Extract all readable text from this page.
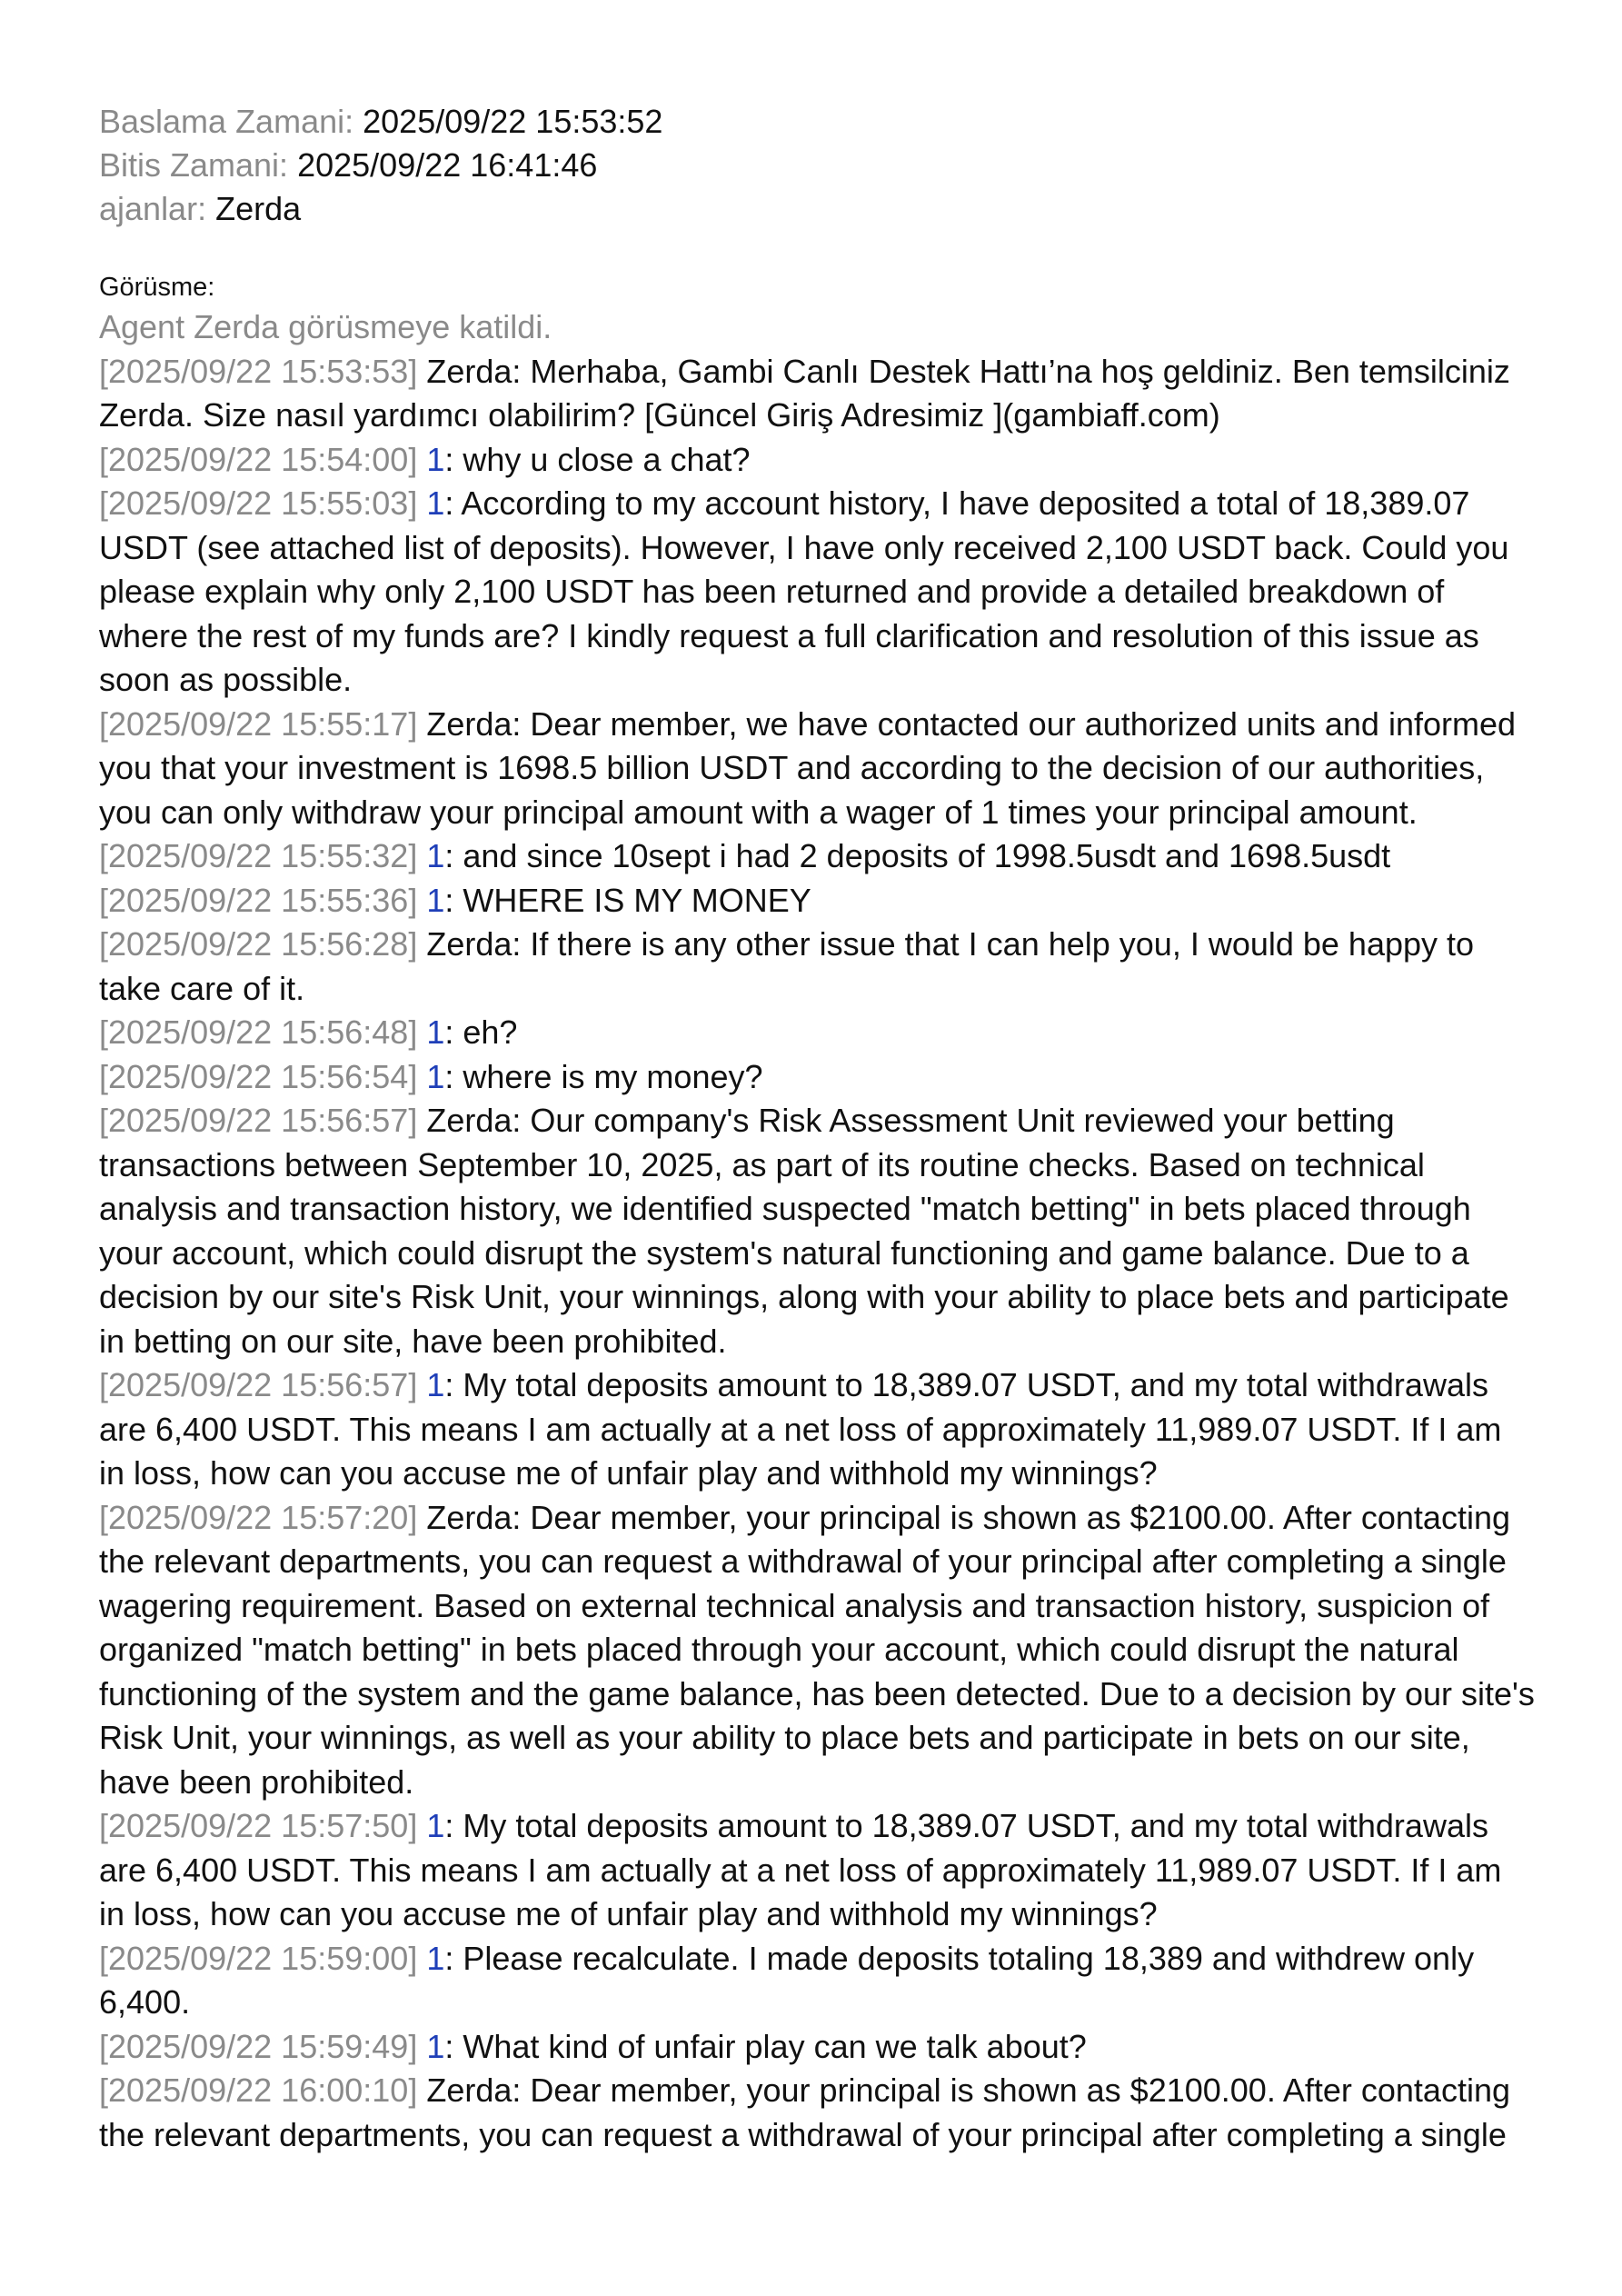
Baslama Zamani: 2025/09/22 15:53:52
Bitis Zamani: 2025/09/22 16:41:46
ajanlar: Zerda
Görüsme:
Agent Zerda görüsmeye katildi.
[2025/09/22 15:53:53] Zerda: Merhaba, Gambi Canlı Destek Hattı’na hoş geldiniz. Ben temsilciniz Zerda. Size nasıl yardımcı olabilirim? [Güncel Giriş Adresimiz ](gambiaff.com)
[2025/09/22 15:54:00] 1: why u close a chat?
[2025/09/22 15:55:03] 1: According to my account history, I have deposited a total of 18,389.07 USDT (see attached list of deposits). However, I have only received 2,100 USDT back. Could you please explain why only 2,100 USDT has been returned and provide a detailed breakdown of where the rest of my funds are? I kindly request a full clarification and resolution of this issue as soon as possible.
[2025/09/22 15:55:17] Zerda: Dear member, we have contacted our authorized units and informed you that your investment is 1698.5 billion USDT and according to the decision of our authorities, you can only withdraw your principal amount with a wager of 1 times your principal amount.
[2025/09/22 15:55:32] 1: and since 10sept i had 2 deposits of 1998.5usdt and 1698.5usdt
[2025/09/22 15:55:36] 1: WHERE IS MY MONEY
[2025/09/22 15:56:28] Zerda: If there is any other issue that I can help you, I would be happy to take care of it.
[2025/09/22 15:56:48] 1: eh?
[2025/09/22 15:56:54] 1: where is my money?
[2025/09/22 15:56:57] Zerda: Our company's Risk Assessment Unit reviewed your betting transactions between September 10, 2025, as part of its routine checks. Based on technical analysis and transaction history, we identified suspected "match betting" in bets placed through your account, which could disrupt the system's natural functioning and game balance. Due to a decision by our site's Risk Unit, your winnings, along with your ability to place bets and participate in betting on our site, have been prohibited.
[2025/09/22 15:56:57] 1: My total deposits amount to 18,389.07 USDT, and my total withdrawals are 6,400 USDT. This means I am actually at a net loss of approximately 11,989.07 USDT. If I am in loss, how can you accuse me of unfair play and withhold my winnings?
[2025/09/22 15:57:20] Zerda: Dear member, your principal is shown as $2100.00. After contacting the relevant departments, you can request a withdrawal of your principal after completing a single wagering requirement. Based on external technical analysis and transaction history, suspicion of organized "match betting" in bets placed through your account, which could disrupt the natural functioning of the system and the game balance, has been detected. Due to a decision by our site's Risk Unit, your winnings, as well as your ability to place bets and participate in bets on our site, have been prohibited.
[2025/09/22 15:57:50] 1: My total deposits amount to 18,389.07 USDT, and my total withdrawals are 6,400 USDT. This means I am actually at a net loss of approximately 11,989.07 USDT. If I am in loss, how can you accuse me of unfair play and withhold my winnings?
[2025/09/22 15:59:00] 1: Please recalculate. I made deposits totaling 18,389 and withdrew only 6,400.
[2025/09/22 15:59:49] 1: What kind of unfair play can we talk about?
[2025/09/22 16:00:10] Zerda: Dear member, your principal is shown as $2100.00. After contacting the relevant departments, you can request a withdrawal of your principal after completing a single
